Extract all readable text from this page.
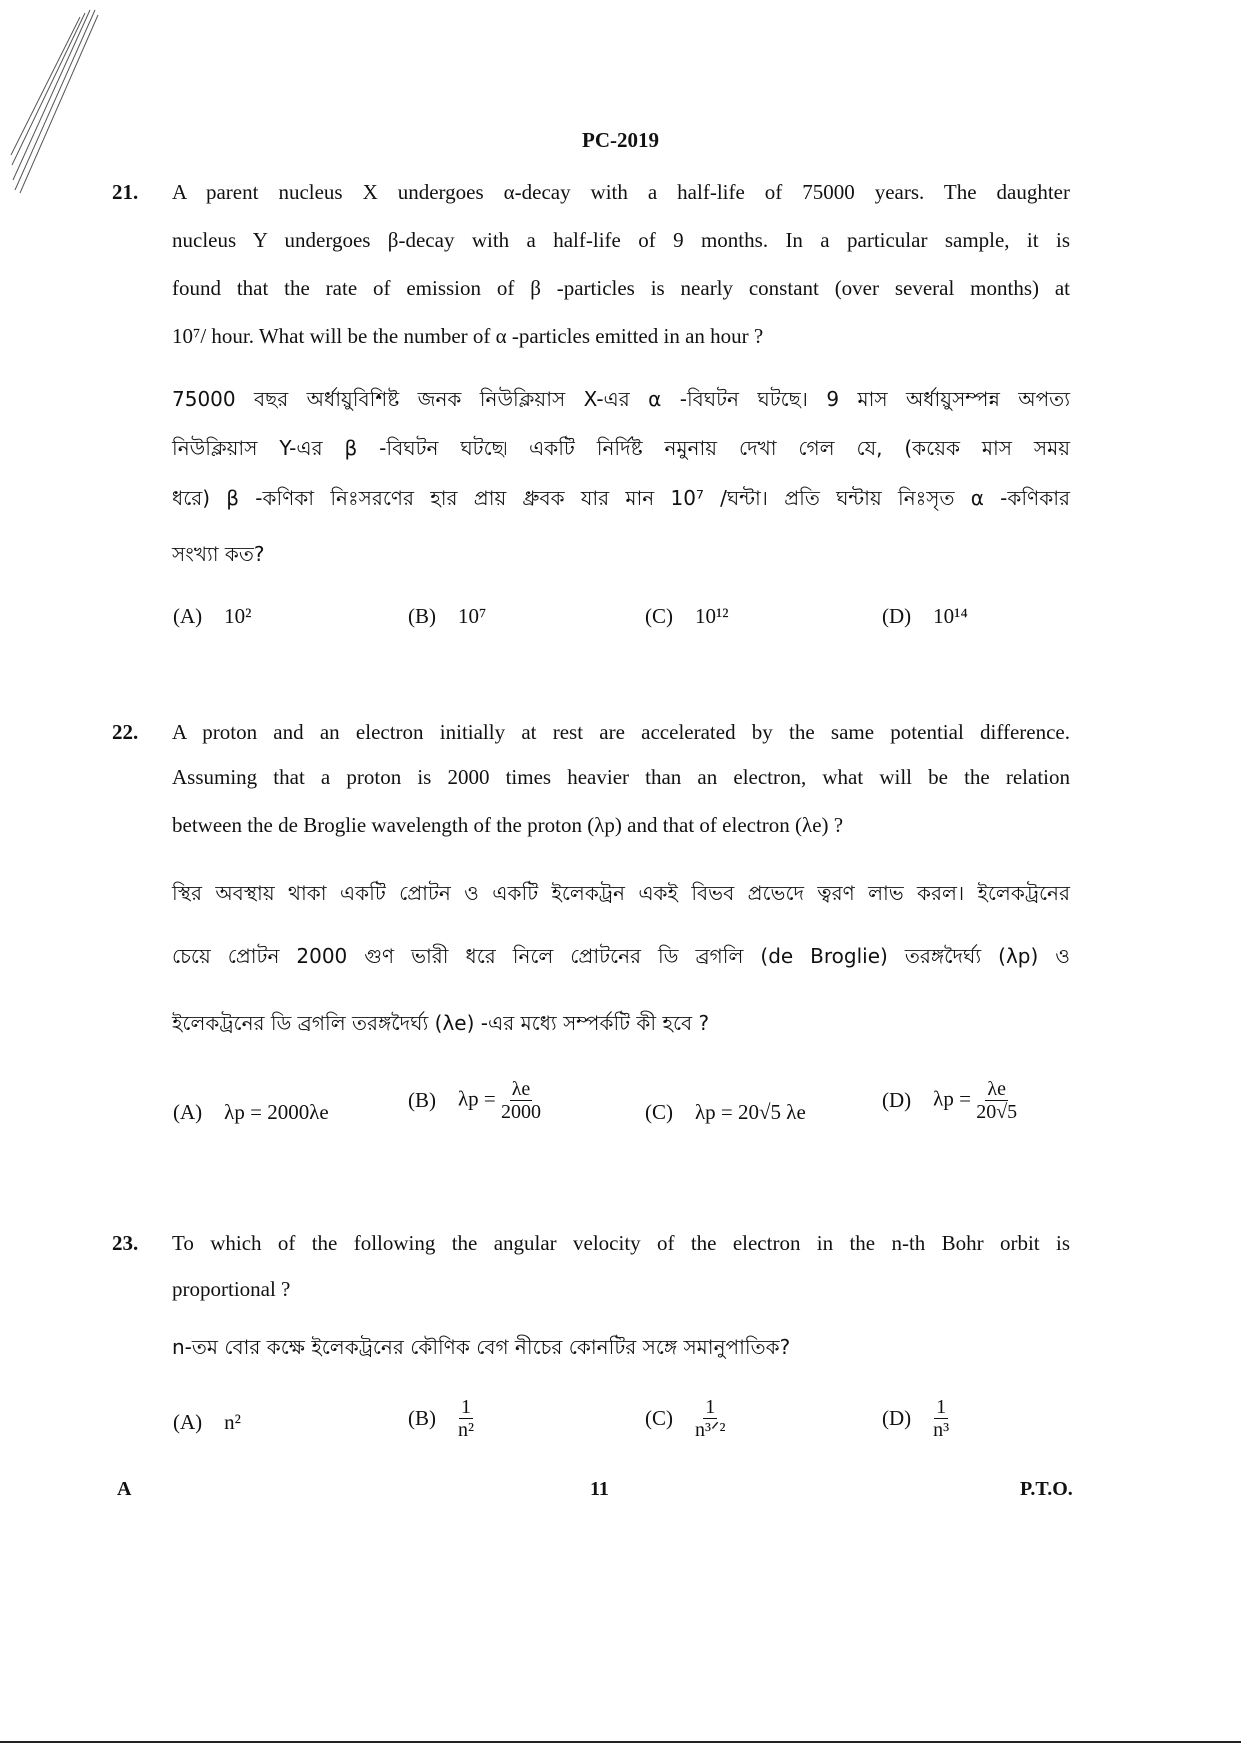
PC-2019
21. A parent nucleus X undergoes α-decay with a half-life of 75000 years. The daughter
nucleus Y undergoes β-decay with a half-life of 9 months. In a particular sample, it is
found that the rate of emission of β -particles is nearly constant (over several months) at
10⁷/ hour. What will be the number of α -particles emitted in an hour ?
75000 বছর অর্ধায়ুবিশিষ্ট জনক নিউক্লিয়াস X-এর α -বিঘটন ঘটছে। 9 মাস অর্ধায়ুসম্পন্ন অপত্য
নিউক্লিয়াস Y-এর β -বিঘটন ঘটছে৷ একটি নির্দিষ্ট নমুনায় দেখা গেল যে, (কয়েক মাস সময়
ধরে) β -কণিকা নিঃসরণের হার প্রায় ধ্রুবক যার মান 10⁷ /ঘন্টা। প্রতি ঘন্টায় নিঃসৃত α -কণিকার
সংখ্যা কত?
(A) 10²	(B) 10⁷	(C) 10¹²	(D) 10¹⁴
22. A proton and an electron initially at rest are accelerated by the same potential difference.
Assuming that a proton is 2000 times heavier than an electron, what will be the relation
between the de Broglie wavelength of the proton (λp) and that of electron (λe) ?
স্থির অবস্থায় থাকা একটি প্রোটন ও একটি ইলেকট্রন একই বিভব প্রভেদে ত্বরণ লাভ করল। ইলেকট্রনের
চেয়ে প্রোটন 2000 গুণ ভারী ধরে নিলে প্রোটনের ডি ব্রগলি (de Broglie) তরঙ্গদৈর্ঘ্য (λp) ও
ইলেকট্রনের ডি ব্রগলি তরঙ্গদৈর্ঘ্য (λe) -এর মধ্যে সম্পর্কটি কী হবে ?
(A) λp = 2000λe	(B) $\lambda p = \frac{\lambda e}{2000}$	(C) λp = 20√5 λe	(D) $\lambda p = \frac{\lambda e}{20√5}$
23. To which of the following the angular velocity of the electron in the n-th Bohr orbit is
proportional ?
n-তম বোর কক্ষে ইলেকট্রনের কৌণিক বেগ নীচের কোনটির সঙ্গে সমানুপাতিক?
(A) n²	$(B) \frac{1}{\text{n²}}$	$(C) \frac{1}{\text{n³ᐟ²}}$	$(D) \frac{1}{\text{n³}}$
A	11	P.T.O.
